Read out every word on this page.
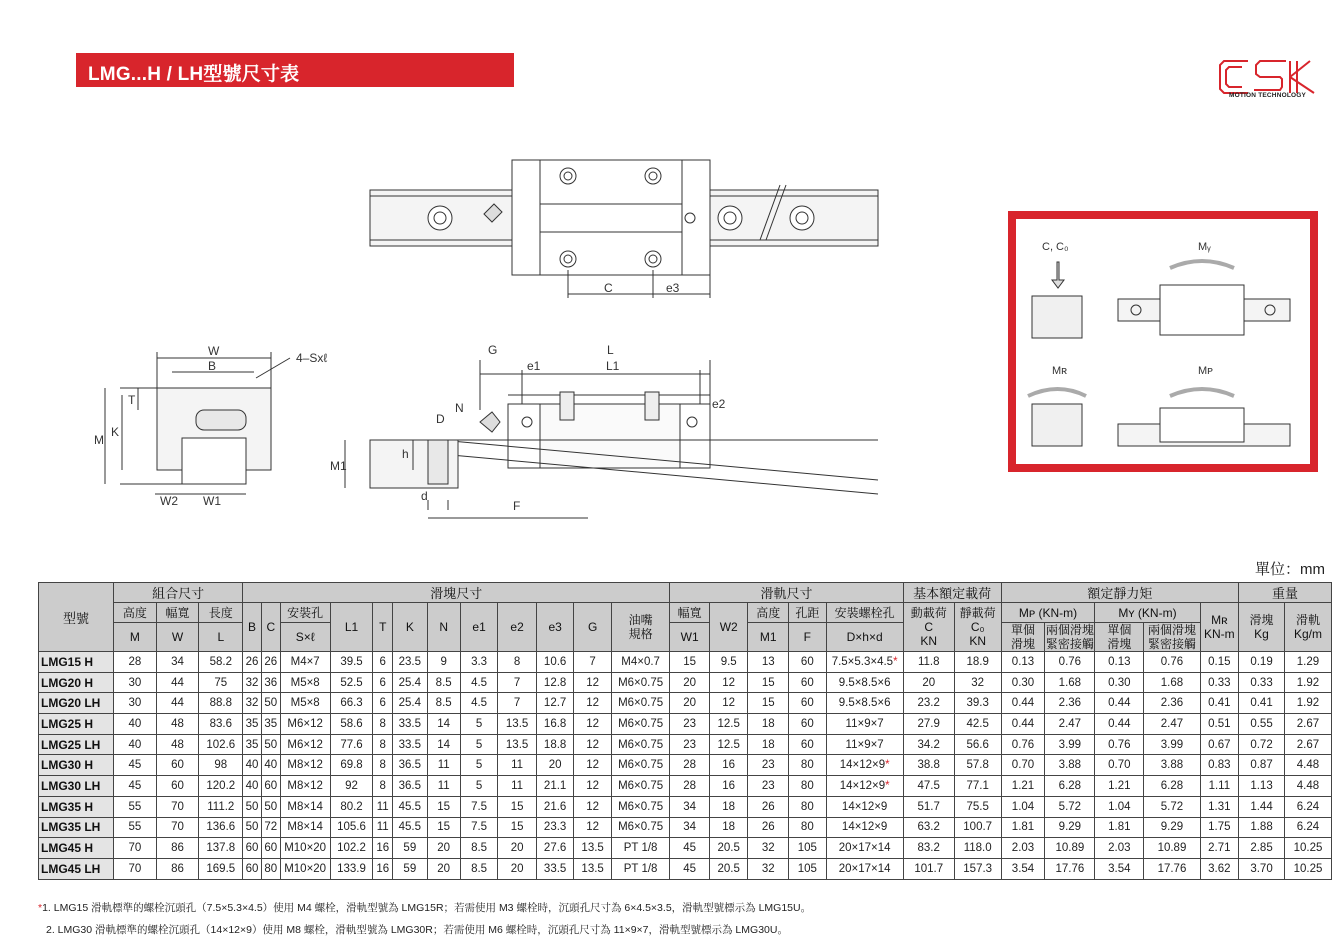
LMG...H / LH型號尺寸表
MOTION TECHNOLOGY
C	e3
W
B
4–Sxℓ
T
M
K
W2 W1
G	L
e1	L1
N	e2
D
h
M1
d
F
C, C₀	Mᵧ
Mʀ	Mᴘ
單位：mm
型號	組合尺寸			滑塊尺寸												滑軌尺寸					基本額定載荷		額定靜力矩					重量	
	高度	幅寬	長度	B	C	安裝孔	L1	T	K	N	e1	e2	e3	G	油嘴
規格	幅寬	W2	高度	孔距	安裝螺栓孔	動載荷
C
KN	靜載荷
C₀
KN	Mᴘ (KN-m)		Mʏ (KN-m)		Mʀ
KN-m	滑塊
Kg	滑軌
Kg/m
	M	W	L			S×ℓ										W1		M1	F	D×h×d			單個
滑塊	兩個滑塊
緊密接觸	單個
滑塊	兩個滑塊
緊密接觸			
LMG15 H	28	34	58.2	26	26	M4×7	39.5	6	23.5	9	3.3	8	10.6	7	M4×0.7	15	9.5	13	60	7.5×5.3×4.5*	11.8	18.9	0.13	0.76	0.13	0.76	0.15	0.19	1.29
LMG20 H	30	44	75	32	36	M5×8	52.5	6	25.4	8.5	4.5	7	12.8	12	M6×0.75	20	12	15	60	9.5×8.5×6	20	32	0.30	1.68	0.30	1.68	0.33	0.33	1.92
LMG20 LH	30	44	88.8	32	50	M5×8	66.3	6	25.4	8.5	4.5	7	12.7	12	M6×0.75	20	12	15	60	9.5×8.5×6	23.2	39.3	0.44	2.36	0.44	2.36	0.41	0.41	1.92
LMG25 H	40	48	83.6	35	35	M6×12	58.6	8	33.5	14	5	13.5	16.8	12	M6×0.75	23	12.5	18	60	11×9×7	27.9	42.5	0.44	2.47	0.44	2.47	0.51	0.55	2.67
LMG25 LH	40	48	102.6	35	50	M6×12	77.6	8	33.5	14	5	13.5	18.8	12	M6×0.75	23	12.5	18	60	11×9×7	34.2	56.6	0.76	3.99	0.76	3.99	0.67	0.72	2.67
LMG30 H	45	60	98	40	40	M8×12	69.8	8	36.5	11	5	11	20	12	M6×0.75	28	16	23	80	14×12×9*	38.8	57.8	0.70	3.88	0.70	3.88	0.83	0.87	4.48
LMG30 LH	45	60	120.2	40	60	M8×12	92	8	36.5	11	5	11	21.1	12	M6×0.75	28	16	23	80	14×12×9*	47.5	77.1	1.21	6.28	1.21	6.28	1.11	1.13	4.48
LMG35 H	55	70	111.2	50	50	M8×14	80.2	11	45.5	15	7.5	15	21.6	12	M6×0.75	34	18	26	80	14×12×9	51.7	75.5	1.04	5.72	1.04	5.72	1.31	1.44	6.24
LMG35 LH	55	70	136.6	50	72	M8×14	105.6	11	45.5	15	7.5	15	23.3	12	M6×0.75	34	18	26	80	14×12×9	63.2	100.7	1.81	9.29	1.81	9.29	1.75	1.88	6.24
LMG45 H	70	86	137.8	60	60	M10×20	102.2	16	59	20	8.5	20	27.6	13.5	PT 1/8	45	20.5	32	105	20×17×14	83.2	118.0	2.03	10.89	2.03	10.89	2.71	2.85	10.25
LMG45 LH	70	86	169.5	60	80	M10×20	133.9	16	59	20	8.5	20	33.5	13.5	PT 1/8	45	20.5	32	105	20×17×14	101.7	157.3	3.54	17.76	3.54	17.76	3.62	3.70	10.25
*1. LMG15 滑軌標準的螺栓沉頭孔（7.5×5.3×4.5）使用 M4 螺栓，滑軌型號為 LMG15R；若需使用 M3 螺栓時，沉頭孔尺寸為 6×4.5×3.5，滑軌型號標示為 LMG15U。
2. LMG30 滑軌標準的螺栓沉頭孔（14×12×9）使用 M8 螺栓，滑軌型號為 LMG30R；若需使用 M6 螺栓時，沉頭孔尺寸為 11×9×7，滑軌型號標示為 LMG30U。
